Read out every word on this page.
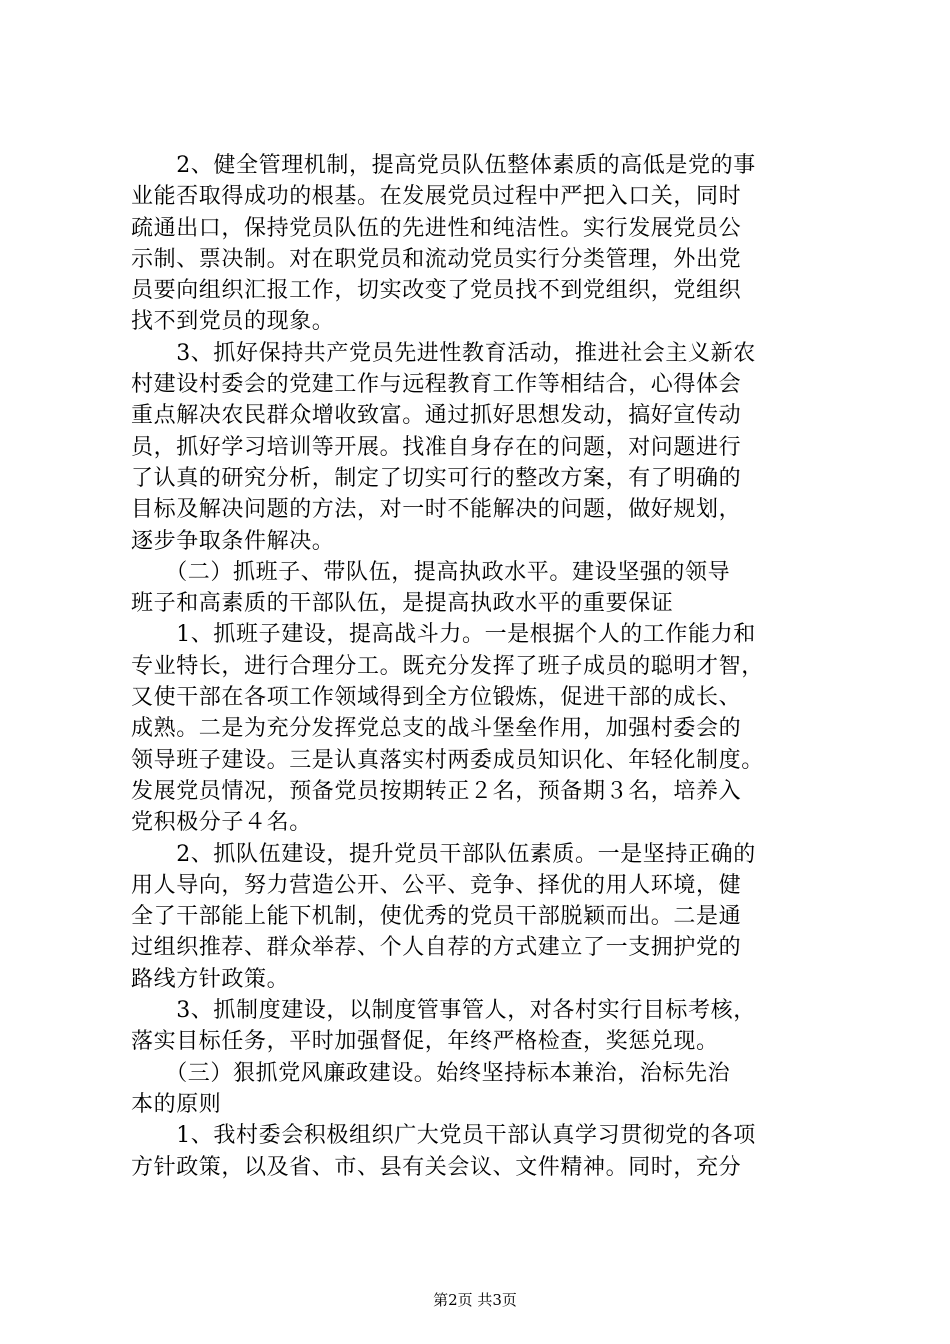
　　2、健全管理机制，提高党员队伍整体素质的高低是党的事
业能否取得成功的根基。在发展党员过程中严把入口关，同时
疏通出口，保持党员队伍的先进性和纯洁性。实行发展党员公
示制、票决制。对在职党员和流动党员实行分类管理，外出党
员要向组织汇报工作，切实改变了党员找不到党组织，党组织
找不到党员的现象。
　　3、抓好保持共产党员先进性教育活动，推进社会主义新农
村建设村委会的党建工作与远程教育工作等相结合，心得体会
重点解决农民群众增收致富。通过抓好思想发动，搞好宣传动
员，抓好学习培训等开展。找准自身存在的问题，对问题进行
了认真的研究分析，制定了切实可行的整改方案，有了明确的
目标及解决问题的方法，对一时不能解决的问题，做好规划，
逐步争取条件解决。
　　（二）抓班子、带队伍，提高执政水平。建设坚强的领导
班子和高素质的干部队伍，是提高执政水平的重要保证
　　1、抓班子建设，提高战斗力。一是根据个人的工作能力和
专业特长，进行合理分工。既充分发挥了班子成员的聪明才智，
又使干部在各项工作领域得到全方位锻炼，促进干部的成长、
成熟。二是为充分发挥党总支的战斗堡垒作用，加强村委会的
领导班子建设。三是认真落实村两委成员知识化、年轻化制度。
发展党员情况，预备党员按期转正２名，预备期３名，培养入
党积极分子４名。
　　2、抓队伍建设，提升党员干部队伍素质。一是坚持正确的
用人导向，努力营造公开、公平、竞争、择优的用人环境，健
全了干部能上能下机制，使优秀的党员干部脱颖而出。二是通
过组织推荐、群众举荐、个人自荐的方式建立了一支拥护党的
路线方针政策。
　　3、抓制度建设，以制度管事管人，对各村实行目标考核，
落实目标任务，平时加强督促，年终严格检查，奖惩兑现。
　　（三）狠抓党风廉政建设。始终坚持标本兼治，治标先治
本的原则
　　1、我村委会积极组织广大党员干部认真学习贯彻党的各项
方针政策，以及省、市、县有关会议、文件精神。同时，充分
第2页 共3页
